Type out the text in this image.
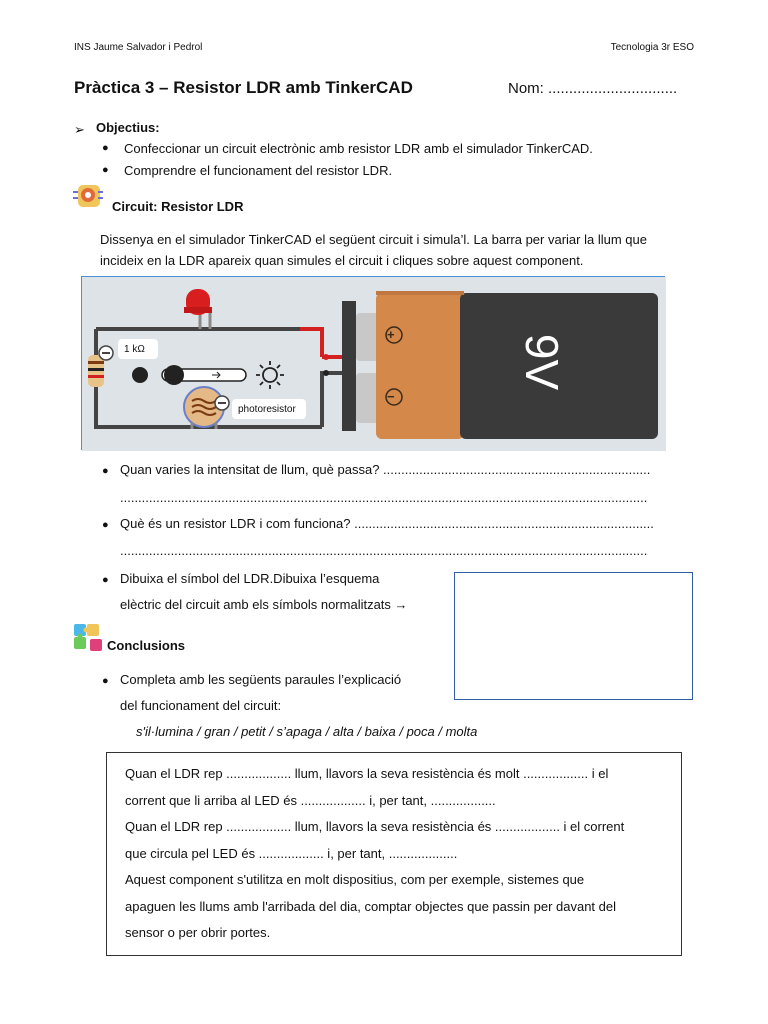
INS Jaume Salvador i Pedrol	Tecnologia 3r ESO
Pràctica 3 – Resistor LDR amb TinkerCAD	Nom: ...............................
➢ Objectius:
● Confeccionar un circuit electrònic amb resistor LDR amb el simulador TinkerCAD.
● Comprendre el funcionament del resistor LDR.
Circuit: Resistor LDR
Dissenya en el simulador TinkerCAD el següent circuit i simula’l. La barra per variar la llum que
incideix en la LDR apareix quan simules el circuit i cliques sobre aquest component.
1 kΩ
photoresistor
+
−
9V
● Quan varies la intensitat de llum, què passa? ..........................................................................
..................................................................................................................................................
● Què és un resistor LDR i com funciona? ...................................................................................
..................................................................................................................................................
● Dibuixa el símbol del LDR.Dibuixa l’esquema
elèctric del circuit amb els símbols normalitzats →
Conclusions
● Completa amb les següents paraules l’explicació
del funcionament del circuit:
s'il·lumina / gran / petit / s’apaga / alta / baixa / poca / molta
Quan el LDR rep .................. llum, llavors la seva resistència és molt .................. i el
corrent que li arriba al LED és .................. i, per tant, ..................
Quan el LDR rep .................. llum, llavors la seva resistència és .................. i el corrent
que circula pel LED és .................. i, per tant, ...................
Aquest component s'utilitza en molt dispositius, com per exemple, sistemes que
apaguen les llums amb l'arribada del dia, comptar objectes que passin per davant del
sensor o per obrir portes.
